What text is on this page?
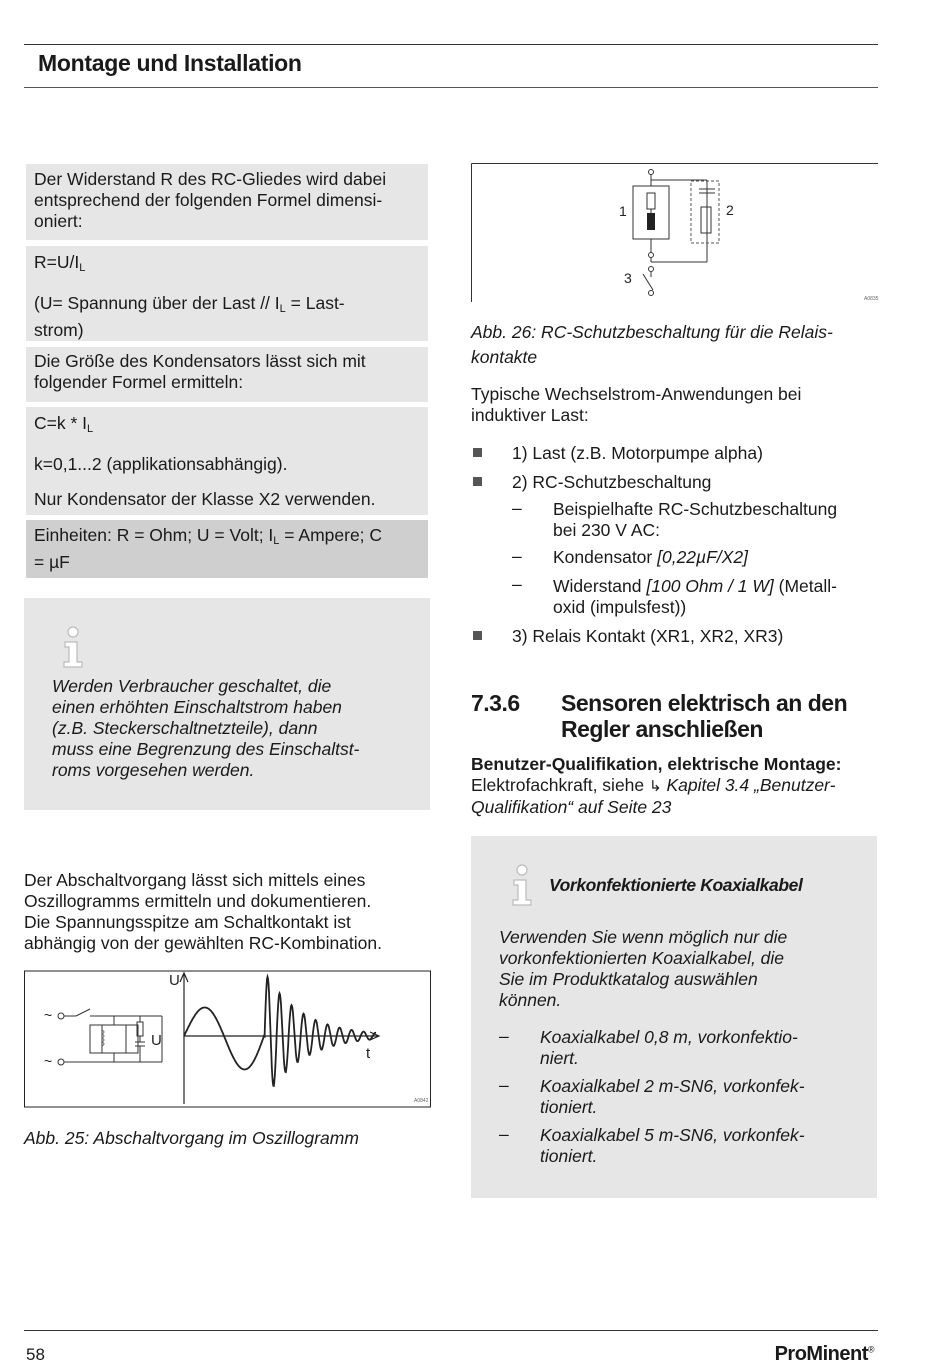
Montage und Installation

Der Widerstand R des RC-Gliedes wird dabei

entsprechend der folgenden Formel dimensi-

oniert:

$R=U/I_L$

(U= Spannung über der Last // $I_L$ = Last-

strom)

Die Größe des Kondensators lässt sich mit

folgender Formel ermitteln:

$C=k * I_L$

k=0,1...2 (applikationsabhängig).

Nur Kondensator der Klasse X2 verwenden.

Einheiten: R = Ohm; U = Volt; $I_L$ = Ampere; C

= µF

Werden Verbraucher geschaltet, die
einen erhöhten Einschaltstrom haben
(z.B. Steckerschaltnetzteile), dann
muss eine Begrenzung des Einschaltst-
roms vorgesehen werden.
Der Abschaltvorgang lässt sich mittels eines
Oszillogramms ermitteln und dokumentieren.
Die Spannungsspitze am Schaltkontakt ist
abhängig von der gewählten RC-Kombination.
~
~
U
U
t
A0842
Abb. 25: Abschaltvorgang im Oszillogramm
1	2
3
A0835
Abb. 26: RC-Schutzbeschaltung für die Relais-
kontakte
Typische Wechselstrom-Anwendungen bei
induktiver Last:
1) Last (z.B. Motorpumpe alpha)
2) RC-Schutzbeschaltung
– Beispielhafte RC-Schutzbeschaltung
bei 230 V AC:
– Kondensator [0,22µF/X2]
– Widerstand [100 Ohm / 1 W] (Metall-
oxid (impulsfest))
3) Relais Kontakt (XR1, XR2, XR3)
7.3.6 Sensoren elektrisch an den
Regler anschließen
Benutzer-Qualifikation, elektrische Montage:
Elektrofachkraft, siehe ↳ Kapitel 3.4 „Benutzer-
Qualifikation“ auf Seite 23
Vorkonfektionierte Koaxialkabel
Verwenden Sie wenn möglich nur die
vorkonfektionierten Koaxialkabel, die
Sie im Produktkatalog auswählen
können.
– Koaxialkabel 0,8 m, vorkonfektio-
niert.
– Koaxialkabel 2 m-SN6, vorkonfek-
tioniert.
– Koaxialkabel 5 m-SN6, vorkonfek-
tioniert.
58	ProMinent®
